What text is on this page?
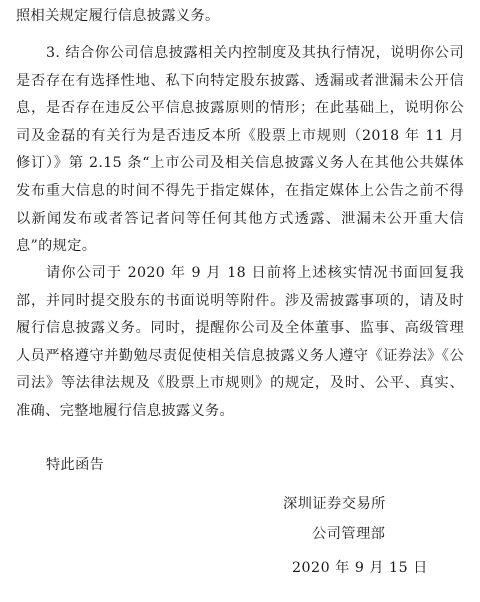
照相关规定履行信息披露义务。

3. 结合你公司信息披露相关内控制度及其执行情况，说明你公司是否存在有选择性地、私下向特定股东披露、透漏或者泄漏未公开信息，是否存在违反公平信息披露原则的情形；在此基础上，说明你公司及金磊的有关行为是否违反本所《股票上市规则（2018 年 11 月修订）》第 2.15 条“上市公司及相关信息披露义务人在其他公共媒体发布重大信息的时间不得先于指定媒体，在指定媒体上公告之前不得以新闻发布或者答记者问等任何其他方式透露、泄漏未公开重大信息”的规定。

请你公司于 2020 年 9 月 18 日前将上述核实情况书面回复我部，并同时提交股东的书面说明等附件。涉及需披露事项的，请及时履行信息披露义务。同时，提醒你公司及全体董事、监事、高级管理人员严格遵守并勤勉尽责促使相关信息披露义务人遵守《证券法》《公司法》等法律法规及《股票上市规则》的规定，及时、公平、真实、准确、完整地履行信息披露义务。

特此函告

深圳证券交易所

公司管理部

2020 年 9 月 15 日
